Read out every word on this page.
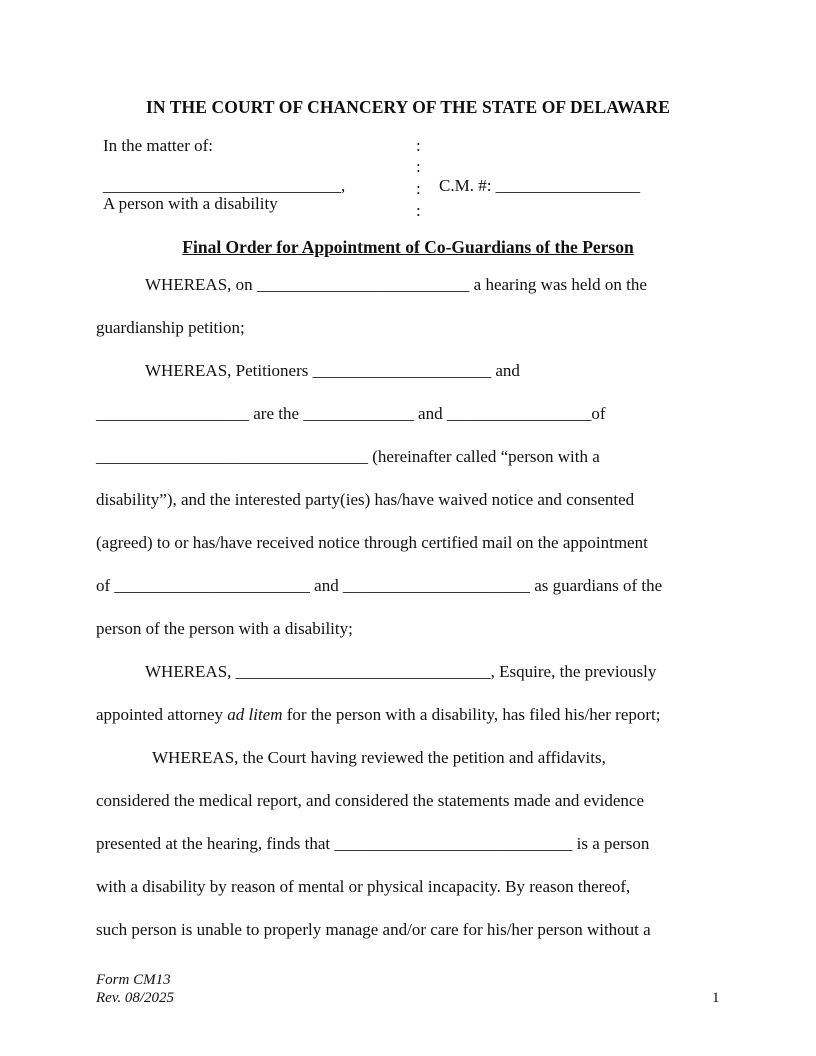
IN THE COURT OF CHANCERY OF THE STATE OF DELAWARE
In the matter of:
____________________________,
A person with a disability
:
:
:
:
C.M. #: _________________
Final Order for Appointment of Co-Guardians of the Person
WHEREAS, on _________________________ a hearing was held on the
guardianship petition;
WHEREAS, Petitioners _____________________ and
__________________ are the _____________ and _________________of
________________________________ (hereinafter called “person with a
disability”), and the interested party(ies) has/have waived notice and consented
(agreed) to or has/have received notice through certified mail on the appointment
of _______________________ and ______________________ as guardians of the
person of the person with a disability;
WHEREAS, ______________________________, Esquire, the previously
appointed attorney ad litem for the person with a disability, has filed his/her report;
WHEREAS, the Court having reviewed the petition and affidavits,
considered the medical report, and considered the statements made and evidence
presented at the hearing, finds that ____________________________ is a person
with a disability by reason of mental or physical incapacity. By reason thereof,
such person is unable to properly manage and/or care for his/her person without a
Form CM13
Rev. 08/2025	1
